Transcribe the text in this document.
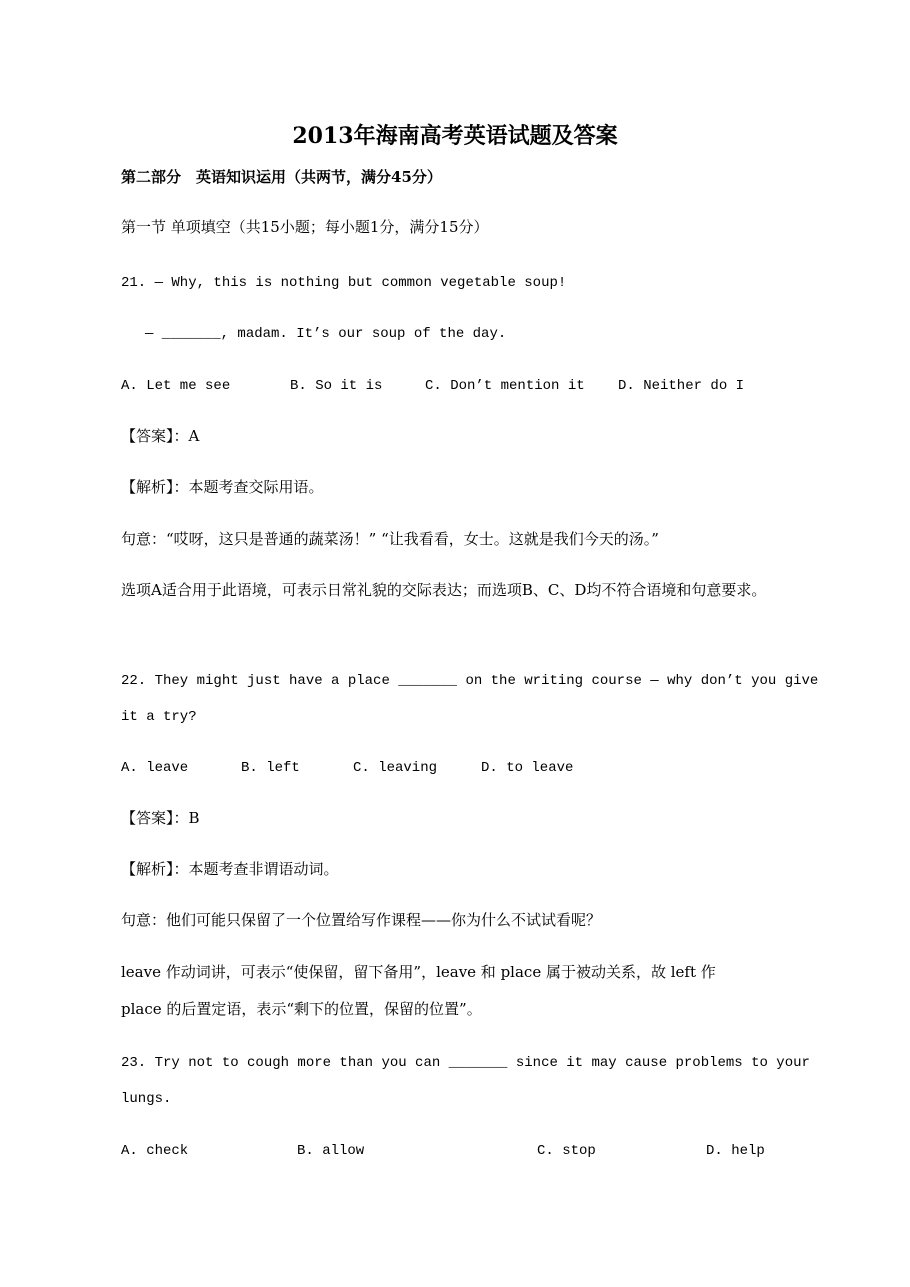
2013年海南高考英语试题及答案
第二部分　英语知识运用（共两节，满分45分）
第一节 单项填空（共15小题；每小题1分，满分15分）
21. — Why, this is nothing but common vegetable soup!
— _______, madam. It’s our soup of the day.
A. Let me see	B. So it is	C. Don’t mention it D. Neither do I
【答案】：A
【解析】：本题考查交际用语。
句意：“哎呀，这只是普通的蔬菜汤！” “让我看看，女士。这就是我们今天的汤。”
选项A适合用于此语境，可表示日常礼貌的交际表达；而选项B、C、D均不符合语境和句意要求。
22. They might just have a place _______ on the writing course — why don’t you give
it a try?
A. leave	B. left	C. leaving	D. to leave
【答案】：B
【解析】：本题考查非谓语动词。
句意：他们可能只保留了一个位置给写作课程——你为什么不试试看呢？
leave 作动词讲，可表示“使保留，留下备用”，leave 和 place 属于被动关系，故 left 作
place 的后置定语，表示“剩下的位置，保留的位置”。
23. Try not to cough more than you can _______ since it may cause problems to your
lungs.
A. check	B. allow	C. stop	D. help
